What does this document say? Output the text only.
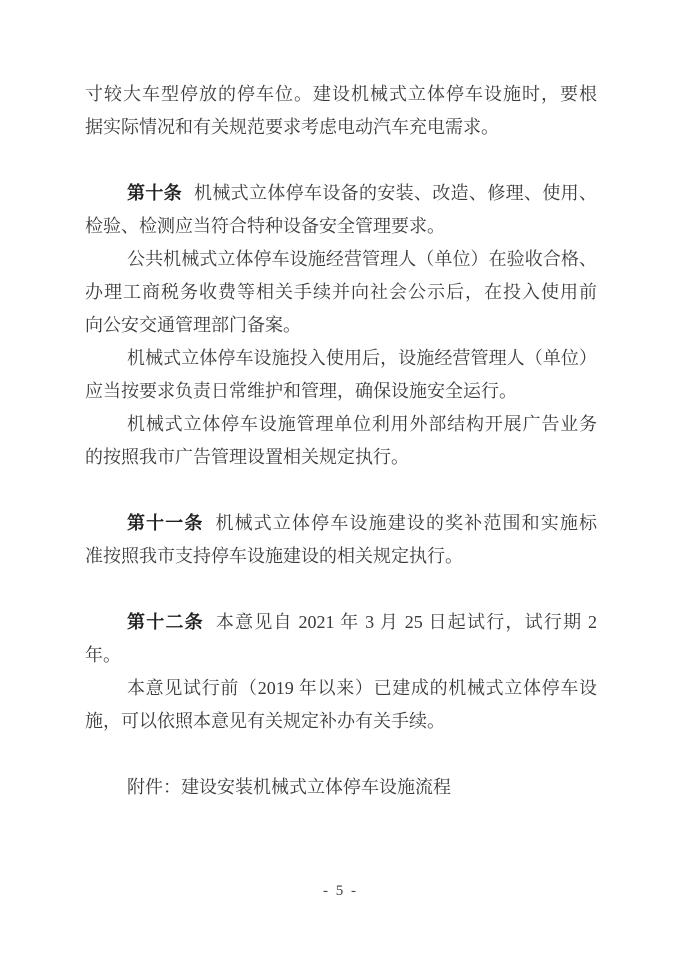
寸较大车型停放的停车位。建设机械式立体停车设施时，要根
据实际情况和有关规范要求考虑电动汽车充电需求。
第十条 机械式立体停车设备的安装、改造、修理、使用、
检验、检测应当符合特种设备安全管理要求。
公共机械式立体停车设施经营管理人（单位）在验收合格、
办理工商税务收费等相关手续并向社会公示后，在投入使用前
向公安交通管理部门备案。
机械式立体停车设施投入使用后，设施经营管理人（单位）
应当按要求负责日常维护和管理，确保设施安全运行。
机械式立体停车设施管理单位利用外部结构开展广告业务
的按照我市广告管理设置相关规定执行。
第十一条 机械式立体停车设施建设的奖补范围和实施标
准按照我市支持停车设施建设的相关规定执行。
第十二条 本意见自 2021 年 3 月 25 日起试行，试行期 2
年。
本意见试行前（2019 年以来）已建成的机械式立体停车设
施，可以依照本意见有关规定补办有关手续。
附件：建设安装机械式立体停车设施流程
- 5 -
